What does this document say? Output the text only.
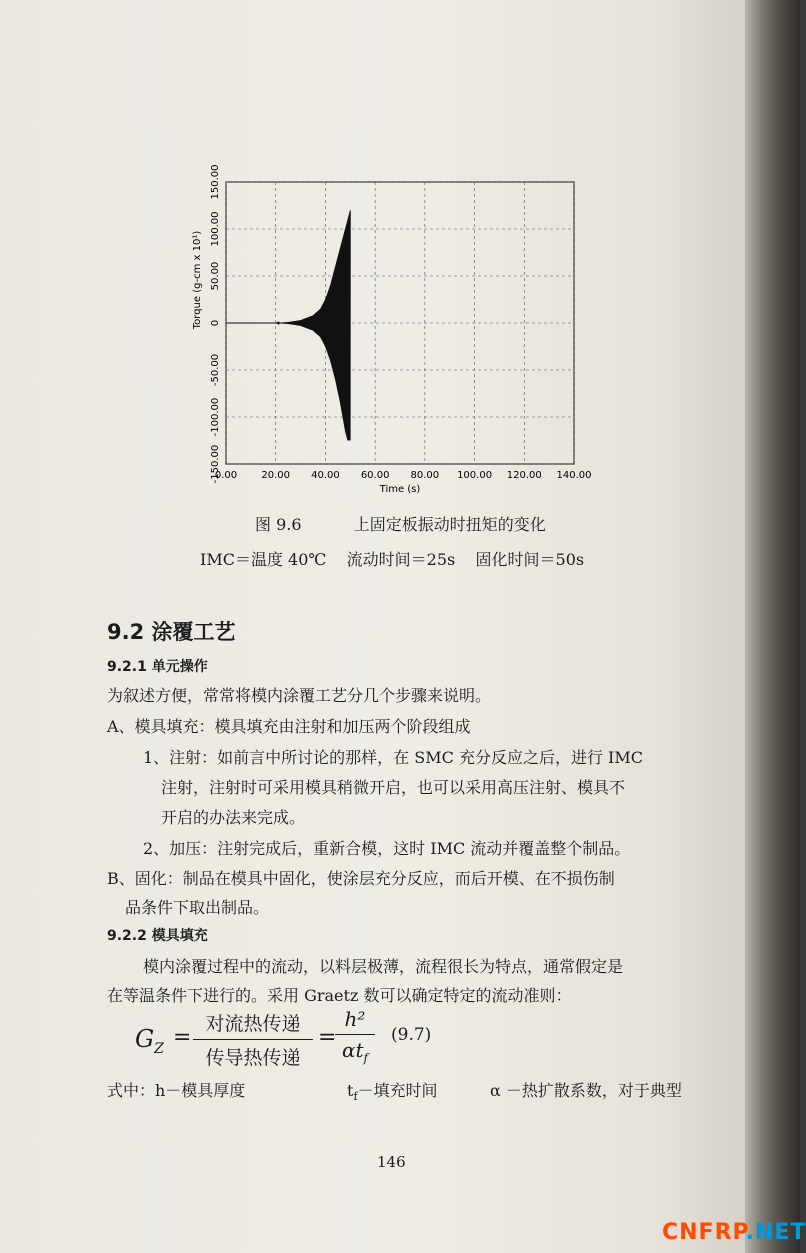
0.00 20.00 40.00 60.00 80.00 100.00 120.00 140.00
-150.00
-100.00
-50.00
0
50.00
100.00
150.00
Time (s)
Torque (g-cm x 10¹)
图 9.6	上固定板振动时扭矩的变化
IMC＝温度 40℃    流动时间＝25s    固化时间＝50s
9.2 涂覆工艺
9.2.1 单元操作
为叙述方便，常常将模内涂覆工艺分几个步骤来说明。
A、模具填充：模具填充由注射和加压两个阶段组成
1、注射：如前言中所讨论的那样，在 SMC 充分反应之后，进行 IMC
注射，注射时可采用模具稍微开启，也可以采用高压注射、模具不
开启的办法来完成。
2、加压：注射完成后，重新合模，这时 IMC 流动并覆盖整个制品。
B、固化：制品在模具中固化，使涂层充分反应，而后开模、在不损伤制
品条件下取出制品。
9.2.2 模具填充
模内涂覆过程中的流动，以料层极薄，流程很长为特点，通常假定是
在等温条件下进行的。采用 Graetz 数可以确定特定的流动准则：
$G_Z$ =
对流热传递
传导热传递
=
h²
$\alpha t_f$
(9.7)
式中：h－模具厚度	$t_f-$填充时间	α －热扩散系数，对于典型
146
CNFRP.NET
